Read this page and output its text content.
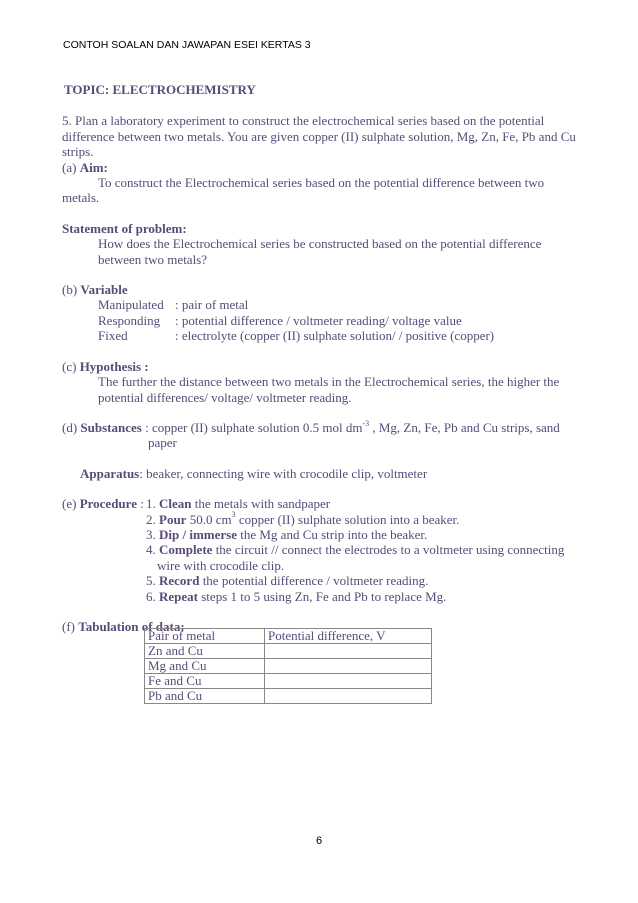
CONTOH SOALAN DAN JAWAPAN ESEI KERTAS 3
TOPIC: ELECTROCHEMISTRY

5. Plan a laboratory experiment to construct the electrochemical series based on the potential difference between two metals. You are given copper (II) sulphate solution, Mg, Zn, Fe, Pb and Cu strips.

(a) Aim:

To construct the Electrochemical series based on the potential difference between two metals.

Statement of problem:

How does the Electrochemical series be constructed based on the potential difference between two metals?

(b) Variable

Manipulated : pair of metal
Responding	: potential difference / voltmeter reading/ voltage value
Fixed	: electrolyte (copper (II) sulphate solution/ / positive (copper)

(c) Hypothesis :

The further the distance between two metals in the Electrochemical series, the higher the potential differences/ voltage/ voltmeter reading.

(d) Substances : copper (II) sulphate solution 0.5 mol $dm^{-3}$ , Mg, Zn, Fe, Pb and Cu strips, sand

paper

Apparatus: beaker, connecting wire with crocodile clip, voltmeter

(e) Procedure : 1. Clean the metals with sandpaper
2. Pour 50.0 $cm^3$ copper (II) sulphate solution into a beaker.
3. Dip / immerse the Mg and Cu strip into the beaker.
4. Complete the circuit // connect the electrodes to a voltmeter using connecting
wire with crocodile clip.
5. Record the potential difference / voltmeter reading.
6. Repeat steps 1 to 5 using Zn, Fe and Pb to replace Mg.

(f) Tabulation of data:

Pair of metal	Potential difference, V
Zn and Cu	
Mg and Cu	
Fe and Cu	
Pb and Cu	
6
